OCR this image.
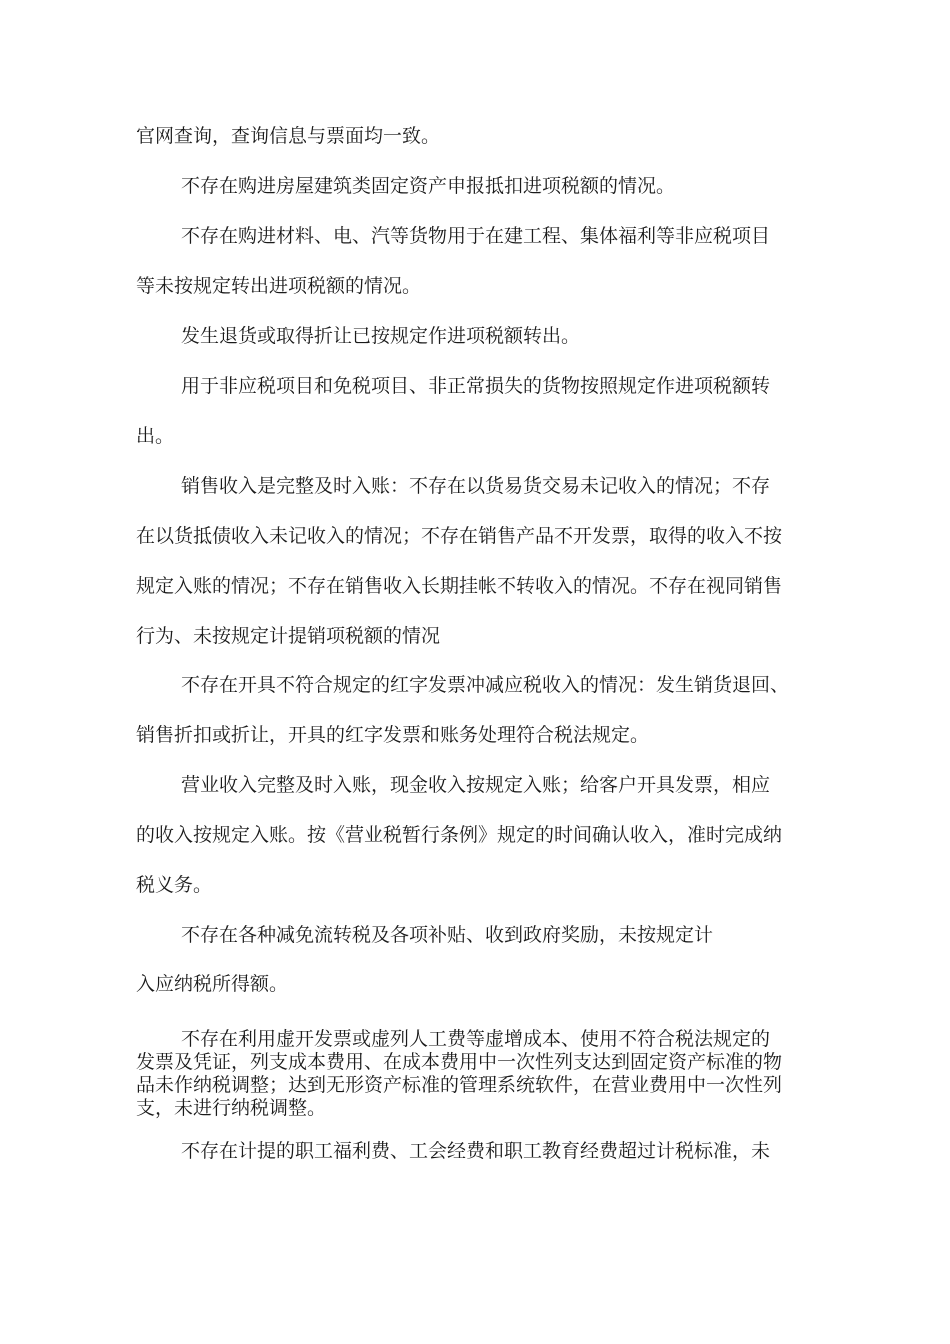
官网查询，查询信息与票面均一致。

不存在购进房屋建筑类固定资产申报抵扣进项税额的情况。

不存在购进材料、电、汽等货物用于在建工程、集体福利等非应税项目

等未按规定转出进项税额的情况。

发生退货或取得折让已按规定作进项税额转出。

用于非应税项目和免税项目、非正常损失的货物按照规定作进项税额转

出。

销售收入是完整及时入账：不存在以货易货交易未记收入的情况；不存

在以货抵债收入未记收入的情况；不存在销售产品不开发票，取得的收入不按

规定入账的情况；不存在销售收入长期挂帐不转收入的情况。不存在视同销售

行为、未按规定计提销项税额的情况

不存在开具不符合规定的红字发票冲减应税收入的情况：发生销货退回、

销售折扣或折让，开具的红字发票和账务处理符合税法规定。

营业收入完整及时入账，现金收入按规定入账；给客户开具发票，相应

的收入按规定入账。按《营业税暂行条例》规定的时间确认收入，准时完成纳

税义务。

不存在各种减免流转税及各项补贴、收到政府奖励，未按规定计

入应纳税所得额。

不存在利用虚开发票或虚列人工费等虚增成本、使用不符合税法规定的

发票及凭证，列支成本费用、在成本费用中一次性列支达到固定资产标准的物

品未作纳税调整；达到无形资产标准的管理系统软件，在营业费用中一次性列

支，未进行纳税调整。

不存在计提的职工福利费、工会经费和职工教育经费超过计税标准，未
